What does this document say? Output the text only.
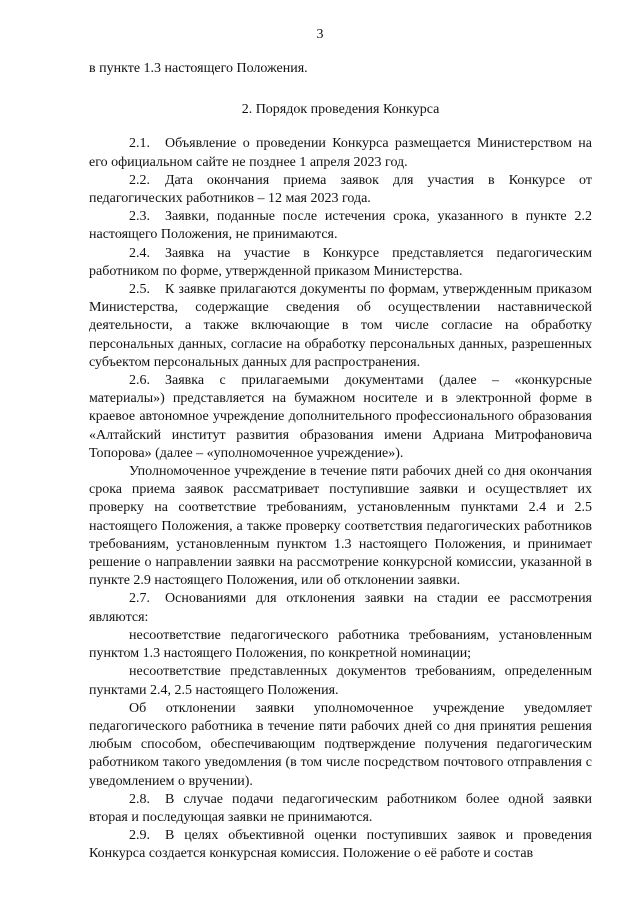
3

в пункте 1.3 настоящего Положения.

2. Порядок проведения Конкурса

2.1. Объявление о проведении Конкурса размещается Министерством на его официальном сайте не позднее 1 апреля 2023 год.

2.2. Дата окончания приема заявок для участия в Конкурсе от педагогических работников – 12 мая 2023 года.

2.3. Заявки, поданные после истечения срока, указанного в пункте 2.2 настоящего Положения, не принимаются.

2.4. Заявка на участие в Конкурсе представляется педагогическим работником по форме, утвержденной приказом Министерства.

2.5. К заявке прилагаются документы по формам, утвержденным приказом Министерства, содержащие сведения об осуществлении наставнической деятельности, а также включающие в том числе согласие на обработку персональных данных, согласие на обработку персональных данных, разрешенных субъектом персональных данных для распространения.

2.6. Заявка с прилагаемыми документами (далее – «конкурсные материалы») представляется на бумажном носителе и в электронной форме в краевое автономное учреждение дополнительного профессионального образования «Алтайский институт развития образования имени Адриана Митрофановича Топорова» (далее – «уполномоченное учреждение»).

Уполномоченное учреждение в течение пяти рабочих дней со дня окончания срока приема заявок рассматривает поступившие заявки и осуществляет их проверку на соответствие требованиям, установленным пунктами 2.4 и 2.5 настоящего Положения, а также проверку соответствия педагогических работников требованиям, установленным пунктом 1.3 настоящего Положения, и принимает решение о направлении заявки на рассмотрение конкурсной комиссии, указанной в пункте 2.9 настоящего Положения, или об отклонении заявки.

2.7. Основаниями для отклонения заявки на стадии ее рассмотрения являются:

несоответствие педагогического работника требованиям, установленным пунктом 1.3 настоящего Положения, по конкретной номинации;

несоответствие представленных документов требованиям, определенным пунктами 2.4, 2.5 настоящего Положения.

Об отклонении заявки уполномоченное учреждение уведомляет педагогического работника в течение пяти рабочих дней со дня принятия решения любым способом, обеспечивающим подтверждение получения педагогическим работником такого уведомления (в том числе посредством почтового отправления с уведомлением о вручении).

2.8. В случае подачи педагогическим работником более одной заявки вторая и последующая заявки не принимаются.

2.9. В целях объективной оценки поступивших заявок и проведения Конкурса создается конкурсная комиссия. Положение о её работе и состав
